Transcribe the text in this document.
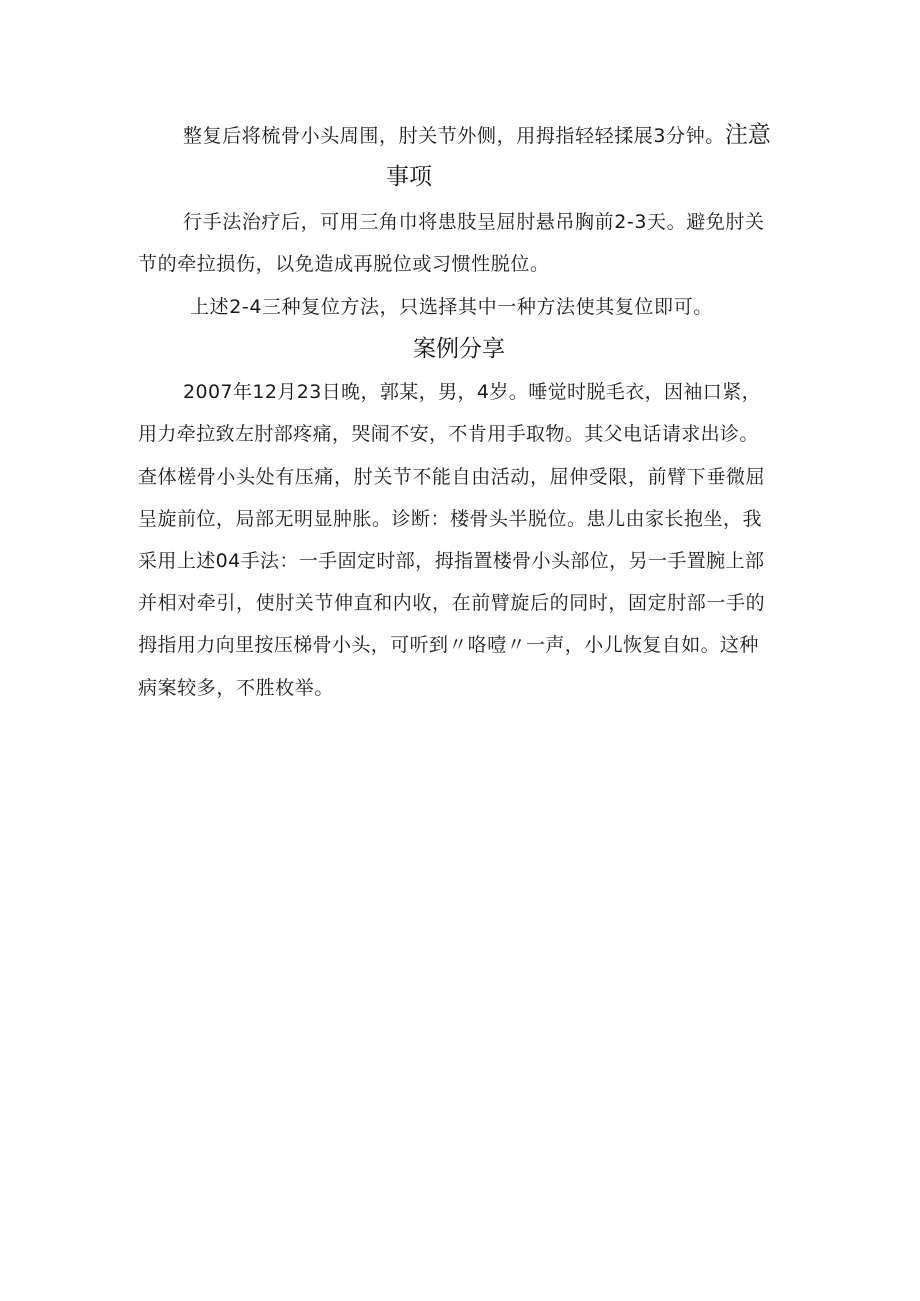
整复后将梳骨小头周围，肘关节外侧，用拇指轻轻揉展3分钟。注意
事项
行手法治疗后，可用三角巾将患肢呈屈肘悬吊胸前2-3天。避免肘关
节的牵拉损伤，以免造成再脱位或习惯性脱位。
上述2-4三种复位方法，只选择其中一种方法使其复位即可。
案例分享
2007年12月23日晚，郭某，男，4岁。唾觉时脱毛衣，因袖口紧，
用力牵拉致左肘部疼痛，哭闹不安，不肯用手取物。其父电话请求出诊。
查体槎骨小头处有压痛，肘关节不能自由活动，屈伸受限，前臂下垂微屈
呈旋前位，局部无明显肿胀。诊断：楼骨头半脱位。患儿由家长抱坐，我
采用上述04手法：一手固定时部，拇指置楼骨小头部位，另一手置腕上部
并相对牵引，使肘关节伸直和内收，在前臂旋后的同时，固定肘部一手的
拇指用力向里按压梯骨小头，可听到〃咯噎〃一声，小儿恢复自如。这种
病案较多，不胜枚举。
